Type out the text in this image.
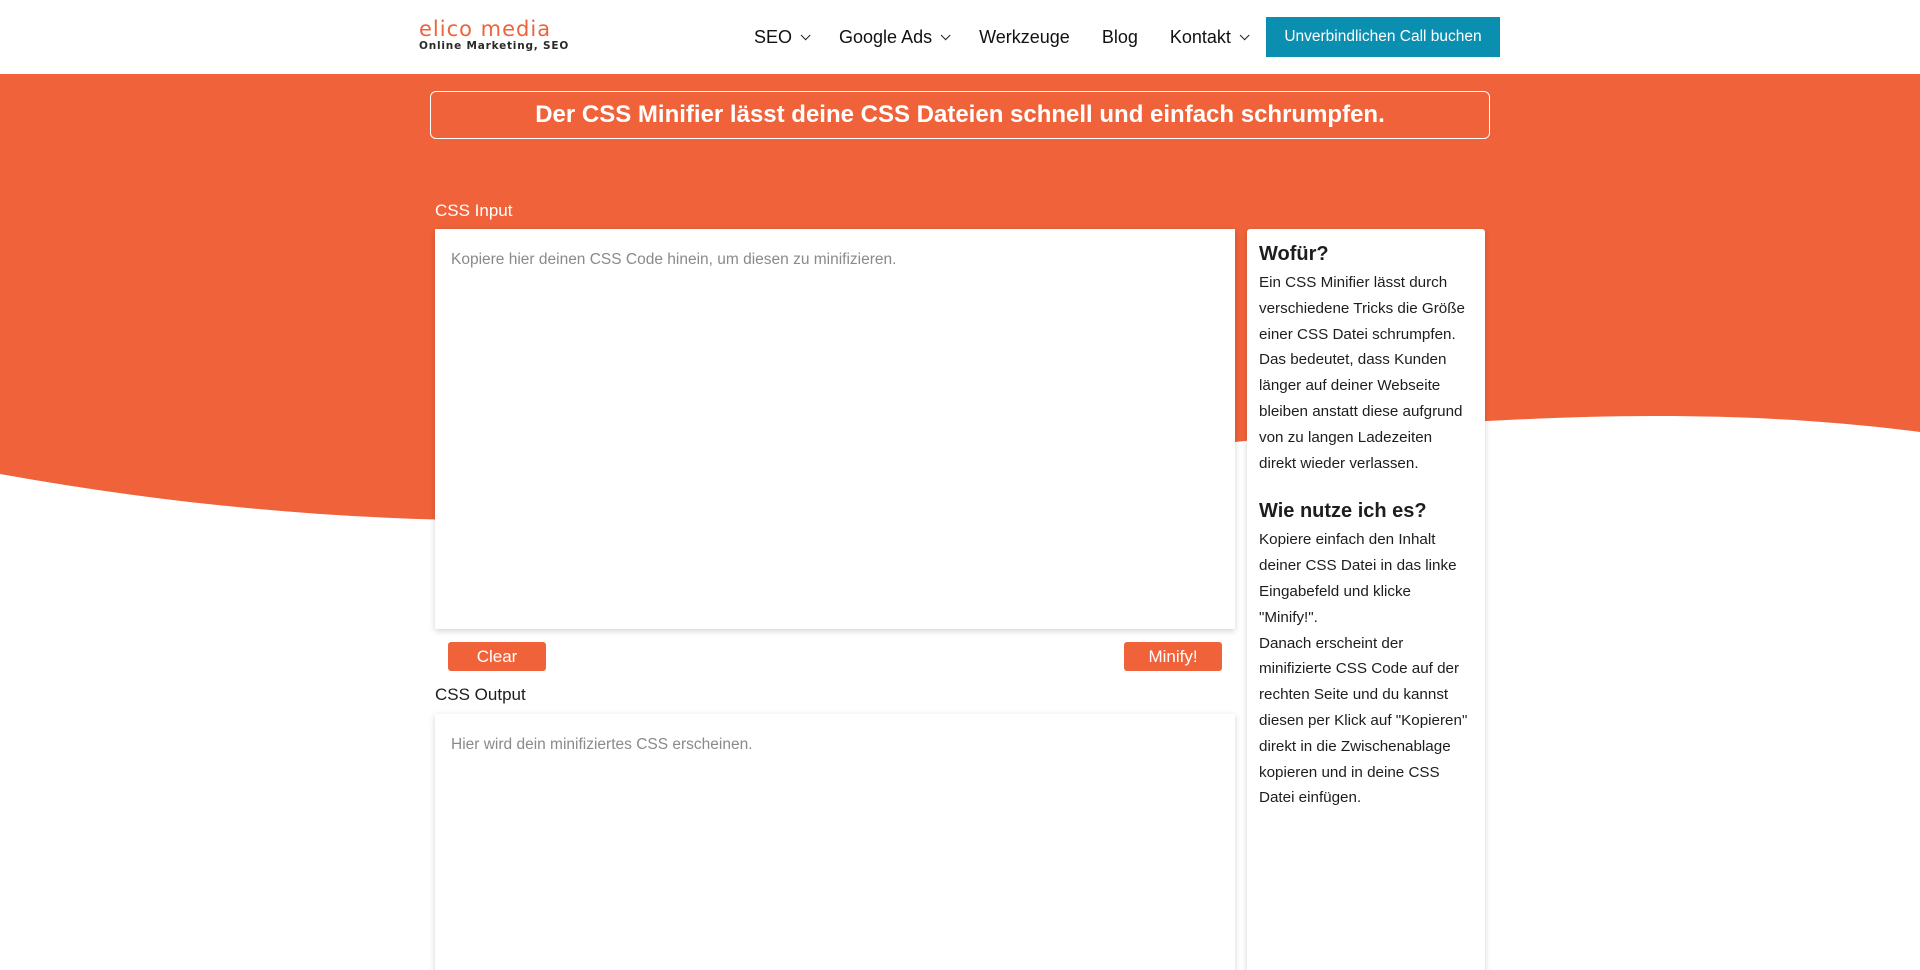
elico media
Online Marketing, SEO	SEO	Google Ads	Werkzeuge Blog Kontakt	Unverbindlichen Call buchen
Der CSS Minifier lässt deine CSS Dateien schnell und einfach schrumpfen.
CSS Input
Kopiere hier deinen CSS Code hinein, um diesen zu minifizieren.
Clear	Minify!
CSS Output
Hier wird dein minifiziertes CSS erscheinen.
Wofür?

Ein CSS Minifier lässt durch verschiedene Tricks die Größe einer CSS Datei schrumpfen. Das bedeutet, dass Kunden länger auf deiner Webseite bleiben anstatt diese aufgrund von zu langen Ladezeiten direkt wieder verlassen.

Wie nutze ich es?

Kopiere einfach den Inhalt deiner CSS Datei in das linke Eingabefeld und klicke "Minify!".

Danach erscheint der minifizierte CSS Code auf der rechten Seite und du kannst diesen per Klick auf "Kopieren" direkt in die Zwischenablage kopieren und in deine CSS Datei einfügen.
